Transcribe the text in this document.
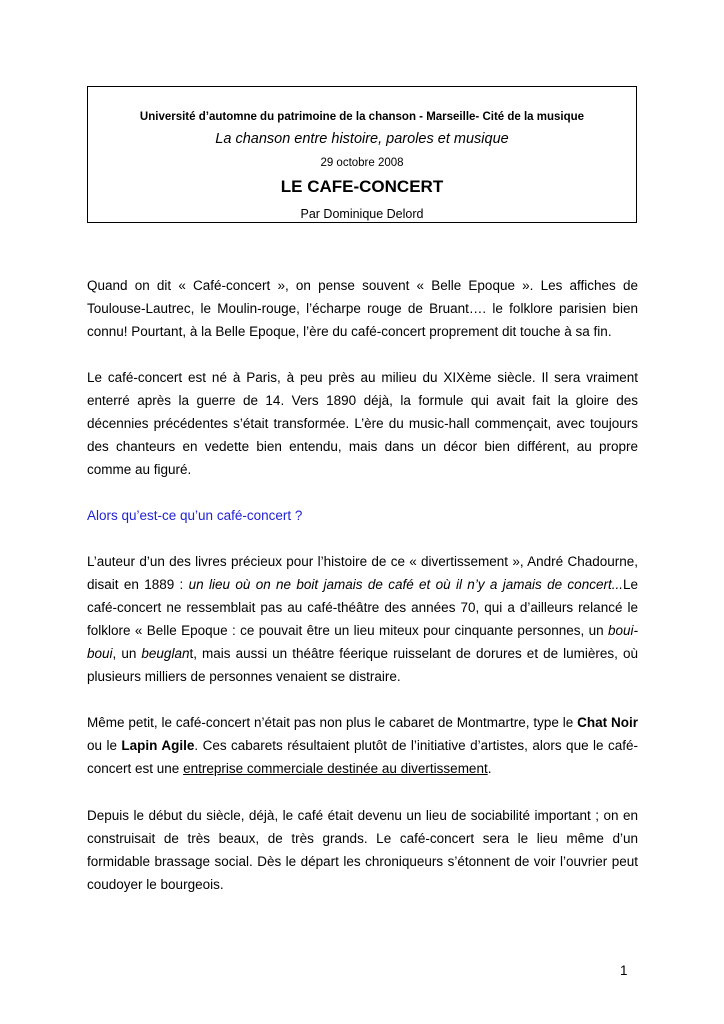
Université d’automne du patrimoine de la chanson - Marseille- Cité de la musique
La chanson entre histoire, paroles et musique
29 octobre 2008
LE CAFE-CONCERT
Par Dominique Delord

Quand on dit « Café-concert », on pense souvent « Belle Epoque ». Les affiches de Toulouse-Lautrec, le Moulin-rouge, l’écharpe rouge de Bruant…. le folklore parisien bien connu! Pourtant, à la Belle Epoque, l’ère du café-concert proprement dit touche à sa fin.

Le café-concert est né à Paris, à peu près au milieu du XIXème siècle. Il sera vraiment enterré après la guerre de 14. Vers 1890 déjà, la formule qui avait fait la gloire des décennies précédentes s’était transformée. L’ère du music-hall commençait, avec toujours des chanteurs en vedette bien entendu, mais dans un décor bien différent, au propre comme au figuré.

Alors qu’est-ce qu’un café-concert ?

L’auteur d’un des livres précieux pour l’histoire de ce « divertissement », André Chadourne, disait en 1889 : un lieu où on ne boit jamais de café et où il n’y a jamais de concert...Le café-concert ne ressemblait pas au café-théâtre des années 70, qui a d’ailleurs relancé le folklore « Belle Epoque : ce pouvait être un lieu miteux pour cinquante personnes, un boui-boui, un beuglant, mais aussi un théâtre féerique ruisselant de dorures et de lumières, où plusieurs milliers de personnes venaient se distraire.

Même petit, le café-concert n’était pas non plus le cabaret de Montmartre, type le Chat Noir ou le Lapin Agile. Ces cabarets résultaient plutôt de l’initiative d’artistes, alors que le café-concert est une entreprise commerciale destinée au divertissement.

Depuis le début du siècle, déjà, le café était devenu un lieu de sociabilité important ; on en construisait de très beaux, de très grands. Le café-concert sera le lieu même d’un formidable brassage social. Dès le départ les chroniqueurs s’étonnent de voir l’ouvrier peut coudoyer le bourgeois.

1
